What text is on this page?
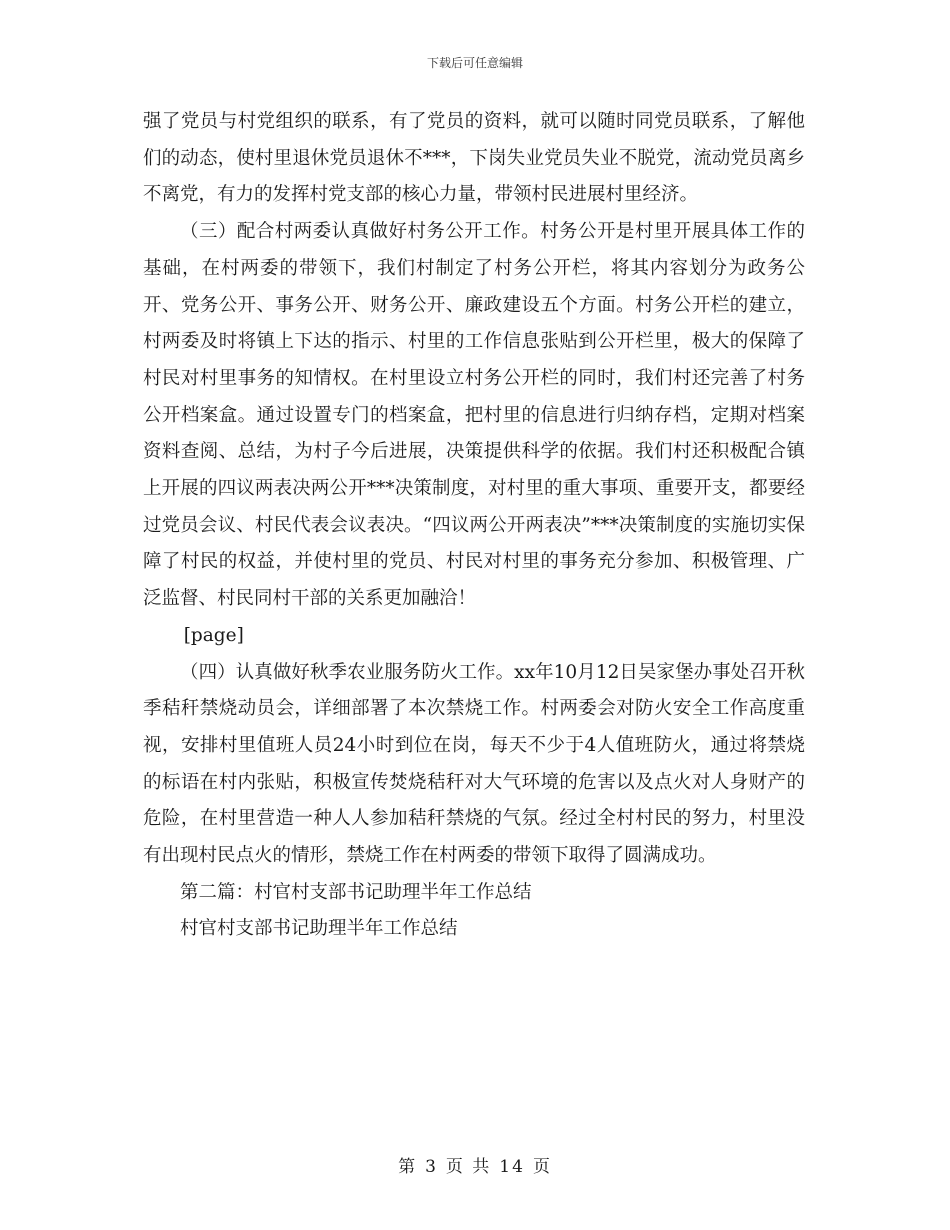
下载后可任意编辑

强了党员与村党组织的联系，有了党员的资料，就可以随时同党员联系，了解他们的动态，使村里退休党员退休不***，下岗失业党员失业不脱党，流动党员离乡不离党，有力的发挥村党支部的核心力量，带领村民进展村里经济。

（三）配合村两委认真做好村务公开工作。村务公开是村里开展具体工作的基础，在村两委的带领下，我们村制定了村务公开栏，将其内容划分为政务公开、党务公开、事务公开、财务公开、廉政建设五个方面。村务公开栏的建立，村两委及时将镇上下达的指示、村里的工作信息张贴到公开栏里，极大的保障了村民对村里事务的知情权。在村里设立村务公开栏的同时，我们村还完善了村务公开档案盒。通过设置专门的档案盒，把村里的信息进行归纳存档，定期对档案资料查阅、总结，为村子今后进展，决策提供科学的依据。我们村还积极配合镇上开展的四议两表决两公开***决策制度，对村里的重大事项、重要开支，都要经过党员会议、村民代表会议表决。“四议两公开两表决”***决策制度的实施切实保障了村民的权益，并使村里的党员、村民对村里的事务充分参加、积极管理、广泛监督、村民同村干部的关系更加融洽！

[page]

（四）认真做好秋季农业服务防火工作。xx年10月12日吴家堡办事处召开秋季秸秆禁烧动员会，详细部署了本次禁烧工作。村两委会对防火安全工作高度重视，安排村里值班人员24小时到位在岗，每天不少于4人值班防火，通过将禁烧的标语在村内张贴，积极宣传焚烧秸秆对大气环境的危害以及点火对人身财产的危险，在村里营造一种人人参加秸秆禁烧的气氛。经过全村村民的努力，村里没有出现村民点火的情形，禁烧工作在村两委的带领下取得了圆满成功。

第二篇：村官村支部书记助理半年工作总结

村官村支部书记助理半年工作总结

第 3 页 共 14 页
